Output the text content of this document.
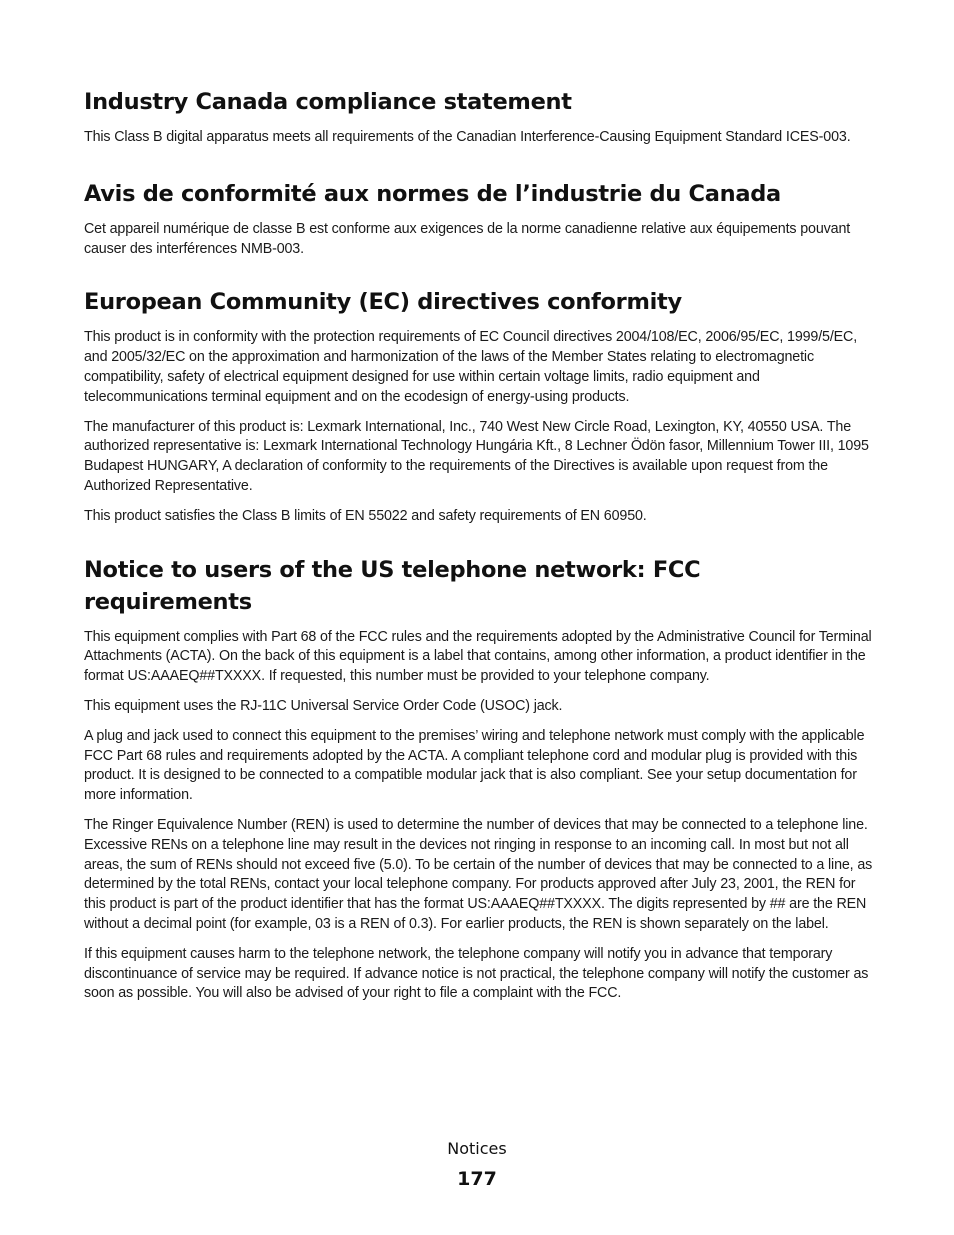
Industry Canada compliance statement

This Class B digital apparatus meets all requirements of the Canadian Interference-Causing Equipment Standard ICES-003.

Avis de conformité aux normes de l’industrie du Canada

Cet appareil numérique de classe B est conforme aux exigences de la norme canadienne relative aux équipements pouvant causer des interférences NMB-003.

European Community (EC) directives conformity

This product is in conformity with the protection requirements of EC Council directives 2004/108/EC, 2006/95/EC, 1999/5/EC, and 2005/32/EC on the approximation and harmonization of the laws of the Member States relating to electromagnetic compatibility, safety of electrical equipment designed for use within certain voltage limits, radio equipment and telecommunications terminal equipment and on the ecodesign of energy-using products.

The manufacturer of this product is: Lexmark International, Inc., 740 West New Circle Road, Lexington, KY, 40550 USA. The authorized representative is: Lexmark International Technology Hungária Kft., 8 Lechner Ödön fasor, Millennium Tower III, 1095 Budapest HUNGARY, A declaration of conformity to the requirements of the Directives is available upon request from the Authorized Representative.

This product satisfies the Class B limits of EN 55022 and safety requirements of EN 60950.

Notice to users of the US telephone network: FCC requirements

This equipment complies with Part 68 of the FCC rules and the requirements adopted by the Administrative Council for Terminal Attachments (ACTA). On the back of this equipment is a label that contains, among other information, a product identifier in the format US:AAAEQ##TXXXX. If requested, this number must be provided to your telephone company.

This equipment uses the RJ-11C Universal Service Order Code (USOC) jack.

A plug and jack used to connect this equipment to the premises’ wiring and telephone network must comply with the applicable FCC Part 68 rules and requirements adopted by the ACTA. A compliant telephone cord and modular plug is provided with this product. It is designed to be connected to a compatible modular jack that is also compliant. See your setup documentation for more information.

The Ringer Equivalence Number (REN) is used to determine the number of devices that may be connected to a telephone line. Excessive RENs on a telephone line may result in the devices not ringing in response to an incoming call. In most but not all areas, the sum of RENs should not exceed five (5.0). To be certain of the number of devices that may be connected to a line, as determined by the total RENs, contact your local telephone company. For products approved after July 23, 2001, the REN for this product is part of the product identifier that has the format US:AAAEQ##TXXXX. The digits represented by ## are the REN without a decimal point (for example, 03 is a REN of 0.3). For earlier products, the REN is shown separately on the label.

If this equipment causes harm to the telephone network, the telephone company will notify you in advance that temporary discontinuance of service may be required. If advance notice is not practical, the telephone company will notify the customer as soon as possible. You will also be advised of your right to file a complaint with the FCC.

Notices
177
